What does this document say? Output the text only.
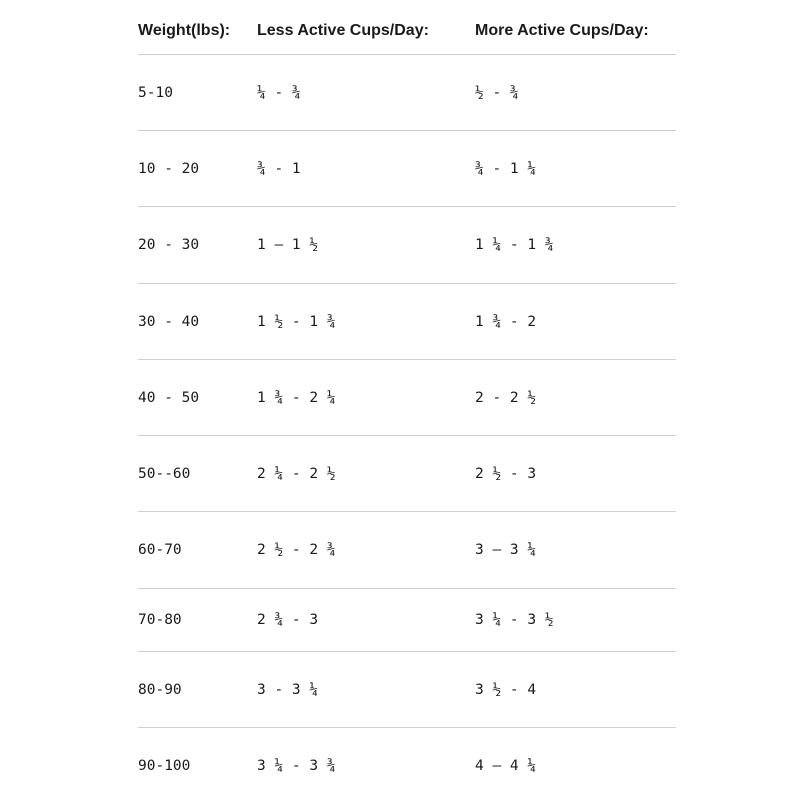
Weight(lbs): Less Active Cups/Day:	More Active Cups/Day:
5-10	¼ - ¾	½ - ¾
10 - 20	¾ - 1	¾ - 1 ¼
20 - 30	1 – 1 ½	1 ¼ - 1 ¾
30 - 40	1 ½ - 1 ¾	1 ¾ - 2
40 - 50	1 ¾ - 2 ¼	2 - 2 ½
50--60	2 ¼ - 2 ½	2 ½ - 3
60-70	2 ½ - 2 ¾	3 – 3 ¼
70-80	2 ¾ - 3	3 ¼ - 3 ½
80-90	3 - 3 ¼	3 ½ - 4
90-100	3 ¼ - 3 ¾	4 – 4 ¼
